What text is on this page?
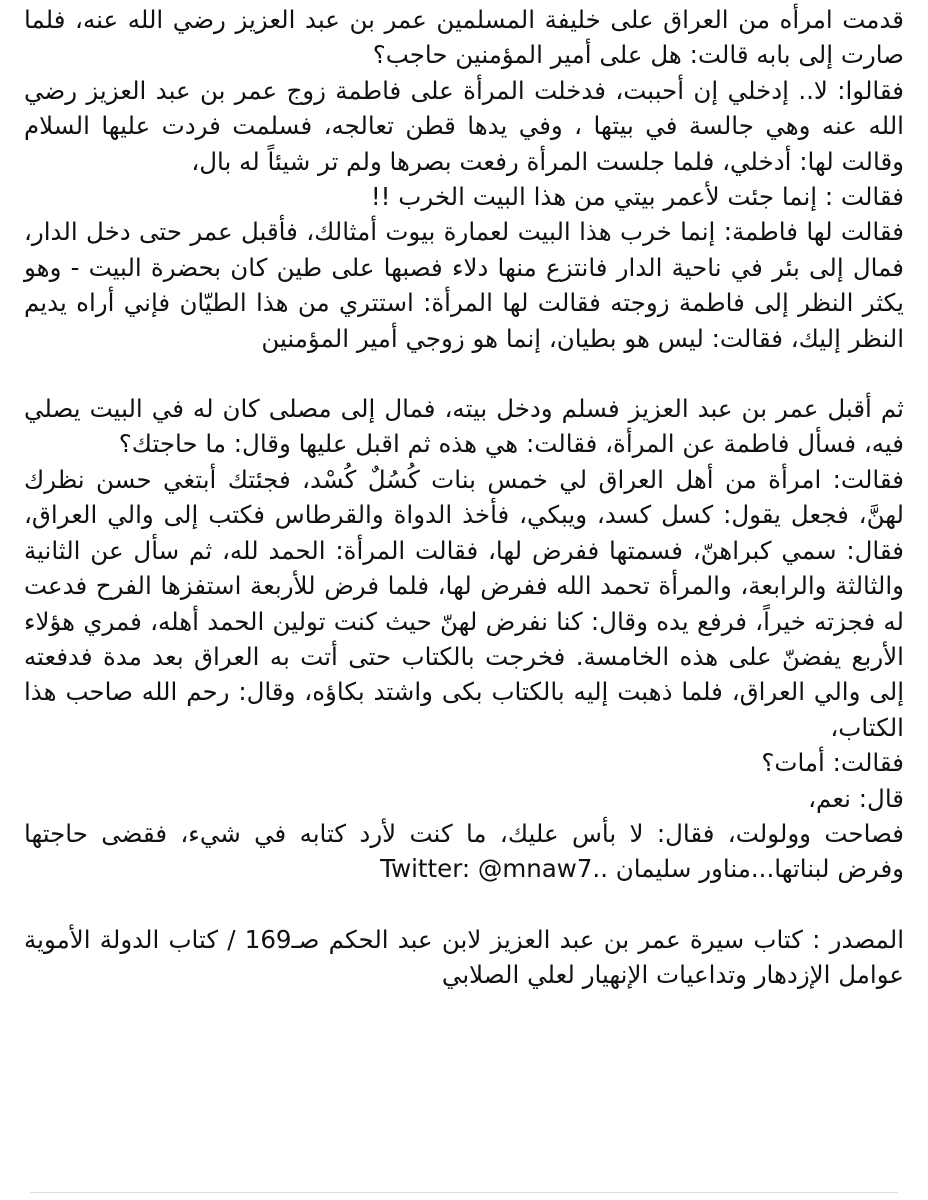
قدمت امرأه من العراق على خليفة المسلمين عمر بن عبد العزيز رضي الله عنه، فلما صارت إلى بابه قالت: هل على أمير المؤمنين حاجب؟

فقالوا: لا.. إدخلي إن أحببت، فدخلت المرأة على فاطمة زوج عمر بن عبد العزيز رضي الله عنه وهي جالسة في بيتها ، وفي يدها قطن تعالجه، فسلمت فردت عليها السلام وقالت لها: أدخلي، فلما جلست المرأة رفعت بصرها ولم تر شيئاً له بال،

فقالت : إنما جئت لأعمر بيتي من هذا البيت الخرب !!

فقالت لها فاطمة: إنما خرب هذا البيت لعمارة بيوت أمثالك، فأقبل عمر حتى دخل الدار، فمال إلى بئر في ناحية الدار فانتزع منها دلاء فصبها على طين كان بحضرة البيت - وهو يكثر النظر إلى فاطمة زوجته فقالت لها المرأة: استتري من هذا الطيّان فإني أراه يديم النظر إليك، فقالت: ليس هو بطيان، إنما هو زوجي أمير المؤمنين

ثم أقبل عمر بن عبد العزيز فسلم ودخل بيته، فمال إلى مصلى كان له في البيت يصلي فيه، فسأل فاطمة عن المرأة، فقالت: هي هذه ثم اقبل عليها وقال: ما حاجتك؟

فقالت: امرأة من أهل العراق لي خمس بنات كُسُلٌ كُسْد، فجئتك أبتغي حسن نظرك لهنَّ، فجعل يقول: كسل كسد، ويبكي، فأخذ الدواة والقرطاس فكتب إلى والي العراق، فقال: سمي كبراهنّ، فسمتها ففرض لها، فقالت المرأة: الحمد لله، ثم سأل عن الثانية والثالثة والرابعة، والمرأة تحمد الله ففرض لها، فلما فرض للأربعة استفزها الفرح فدعت له فجزته خيراً، فرفع يده وقال: كنا نفرض لهنّ حيث كنت تولين الحمد أهله، فمري هؤلاء الأربع يفضنّ على هذه الخامسة. فخرجت بالكتاب حتى أتت به العراق بعد مدة فدفعته إلى والي العراق، فلما ذهبت إليه بالكتاب بكى واشتد بكاؤه، وقال: رحم الله صاحب هذا الكتاب،

فقالت: أمات؟

قال: نعم،

فصاحت وولولت، فقال: لا بأس عليك، ما كنت لأرد كتابه في شيء، فقضى حاجتها وفرض لبناتها...مناور سليمان ..Twitter: @mnaw7

المصدر : كتاب سيرة عمر بن عبد العزيز لابن عبد الحكم صـ169 / كتاب الدولة الأموية عوامل الإزدهار وتداعيات الإنهيار لعلي الصلابي
